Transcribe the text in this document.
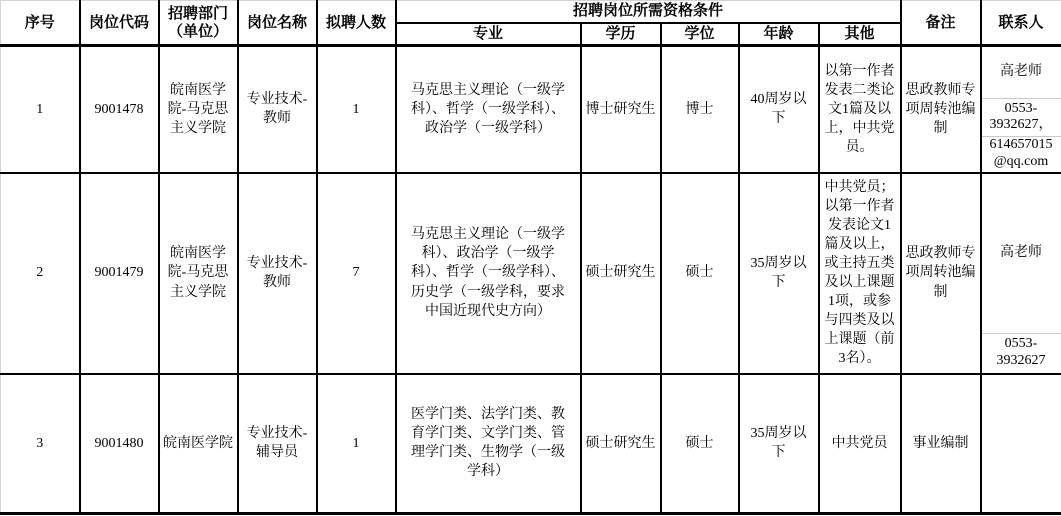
序号	岗位代码	招聘部门（单位）	岗位名称	拟聘人数	招聘岗位所需资格条件					备注	联系人
					专业	学历	学位	年龄	其他		
1	9001478	皖南医学院-马克思主义学院	专业技术-教师	1	马克思主义理论（一级学科）、哲学（一级学科）、政治学（一级学科）	博士研究生	博士	40周岁以下	以第一作者发表二类论文1篇及以上，中共党员。	思政教师专项周转池编制	高老师
0553-3932627，
614657015@qq.com

2	9001479	皖南医学院-马克思主义学院	专业技术-教师	7	马克思主义理论（一级学科）、政治学（一级学科）、哲学（一级学科）、历史学（一级学科，要求中国近现代史方向）	硕士研究生	硕士	35周岁以下	中共党员；以第一作者发表论文1篇及以上，或主持五类及以上课题1项，或参与四类及以上课题（前3名）。	思政教师专项周转池编制	高老师
0553-3932627

3	9001480	皖南医学院	专业技术-辅导员	1	医学门类、法学门类、教育学门类、文学门类、管理学门类、生物学（一级学科）	硕士研究生	硕士	35周岁以下	中共党员	事业编制	
